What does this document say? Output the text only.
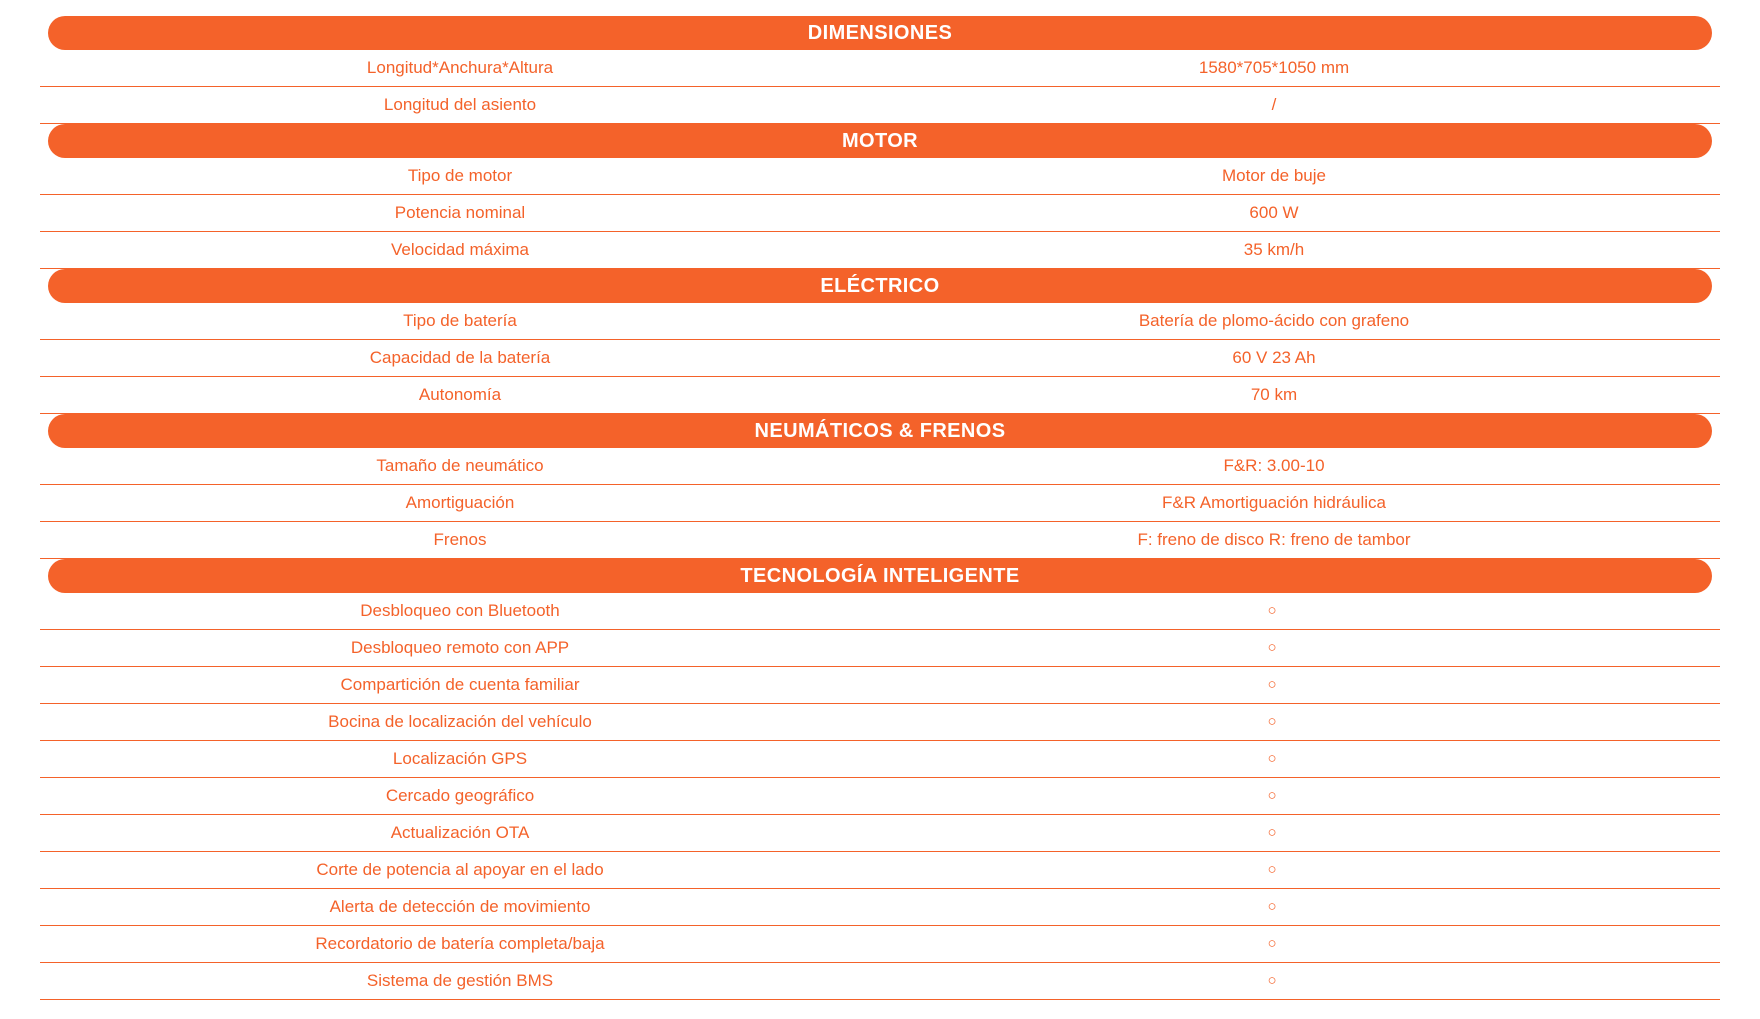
DIMENSIONES
Longitud*Anchura*Altura	1580*705*1050 mm
Longitud del asiento	/
MOTOR
Tipo de motor	Motor de buje
Potencia nominal	600 W
Velocidad máxima	35 km/h
ELÉCTRICO
Tipo de batería	Batería de plomo-ácido con grafeno
Capacidad de la batería	60 V 23 Ah
Autonomía	70 km
NEUMÁTICOS & FRENOS
Tamaño de neumático	F&R: 3.00-10
Amortiguación	F&R Amortiguación hidráulica
Frenos	F: freno de disco R: freno de tambor
TECNOLOGÍA INTELIGENTE
Desbloqueo con Bluetooth	○
Desbloqueo remoto con APP	○
Compartición de cuenta familiar	○
Bocina de localización del vehículo	○
Localización GPS	○
Cercado geográfico	○
Actualización OTA	○
Corte de potencia al apoyar en el lado	○
Alerta de detección de movimiento	○
Recordatorio de batería completa/baja	○
Sistema de gestión BMS	○
